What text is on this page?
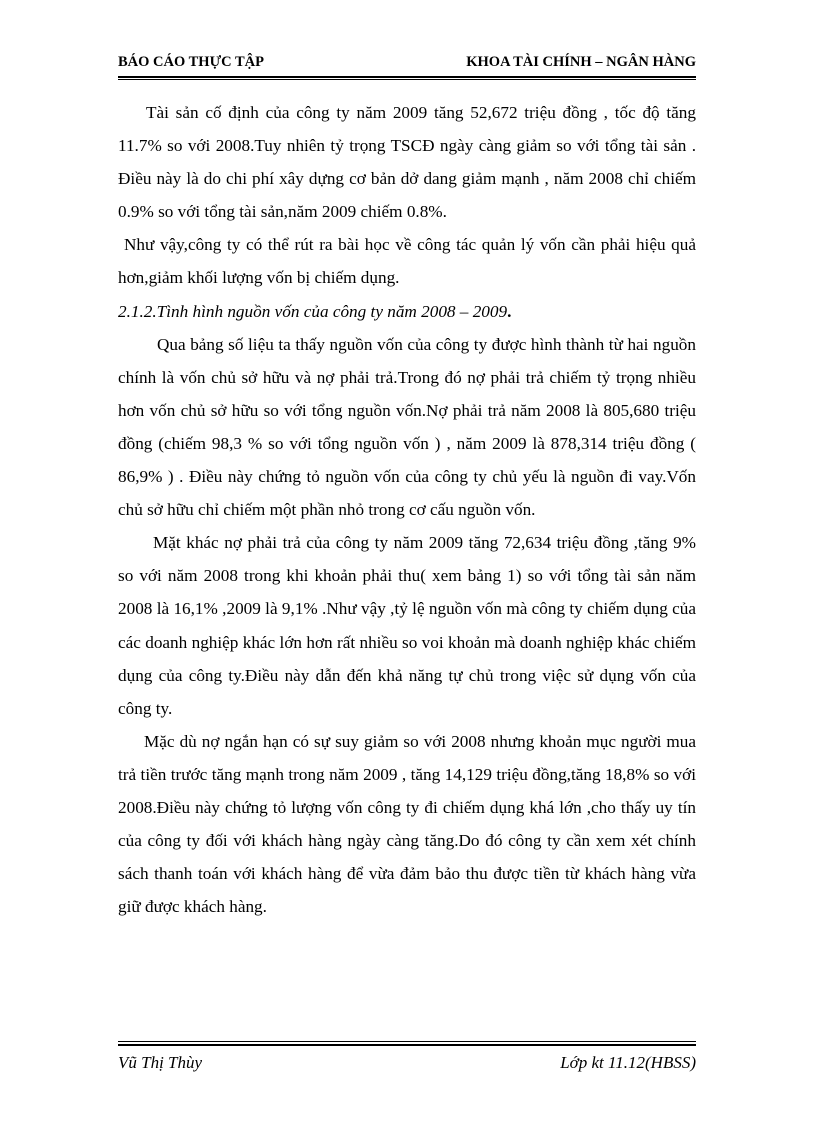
BÁO CÁO THỰC TẬP	KHOA TÀI CHÍNH – NGÂN HÀNG

Tài sản cố định của công ty năm 2009 tăng 52,672 triệu đồng , tốc độ tăng 11.7% so với 2008.Tuy nhiên tỷ trọng TSCĐ ngày càng giảm so với tổng tài sản . Điều này là do chi phí xây dựng cơ bản dở dang giảm mạnh , năm 2008 chỉ chiếm 0.9% so với tổng tài sản,năm 2009 chiếm 0.8%.

Như vậy,công ty có thể rút ra bài học về công tác quản lý vốn cần phải hiệu quả hơn,giảm khối lượng vốn bị chiếm dụng.

2.1.2.Tình hình nguồn vốn của công ty năm 2008 – 2009.

Qua bảng số liệu ta thấy nguồn vốn của công ty được hình thành từ hai nguồn chính là vốn chủ sở hữu và nợ phải trả.Trong đó nợ phải trả chiếm tỷ trọng nhiều hơn vốn chủ sở hữu so với tổng nguồn vốn.Nợ phải trả năm 2008 là 805,680 triệu đồng (chiếm 98,3 % so với tổng nguồn vốn ) , năm 2009 là 878,314 triệu đồng ( 86,9% ) . Điều này chứng tỏ nguồn vốn của công ty chủ yếu là nguồn đi vay.Vốn chủ sở hữu chỉ chiếm một phần nhỏ trong cơ cấu nguồn vốn.

Mặt khác nợ phải trả của công ty năm 2009 tăng 72,634 triệu đồng ,tăng 9% so với năm 2008 trong khi khoản phải thu( xem bảng 1) so với tổng tài sản năm 2008 là 16,1% ,2009 là 9,1% .Như vậy ,tỷ lệ nguồn vốn mà công ty chiếm dụng của các doanh nghiệp khác lớn hơn rất nhiều so voi khoản mà doanh nghiệp khác chiếm dụng của công ty.Điều này dẫn đến khả năng tự chủ trong việc sử dụng vốn của công ty.

Mặc dù nợ ngắn hạn có sự suy giảm so với 2008 nhưng khoản mục người mua trả tiền trước tăng mạnh trong năm 2009 , tăng 14,129 triệu đồng,tăng 18,8% so với 2008.Điều này chứng tỏ lượng vốn công ty đi chiếm dụng khá lớn ,cho thấy uy tín của công ty đối với khách hàng ngày càng tăng.Do đó công ty cần xem xét chính sách thanh toán với khách hàng để vừa đảm bảo thu được tiền từ khách hàng vừa giữ được khách hàng.

Vũ Thị Thùy	Lớp kt 11.12(HBSS)
